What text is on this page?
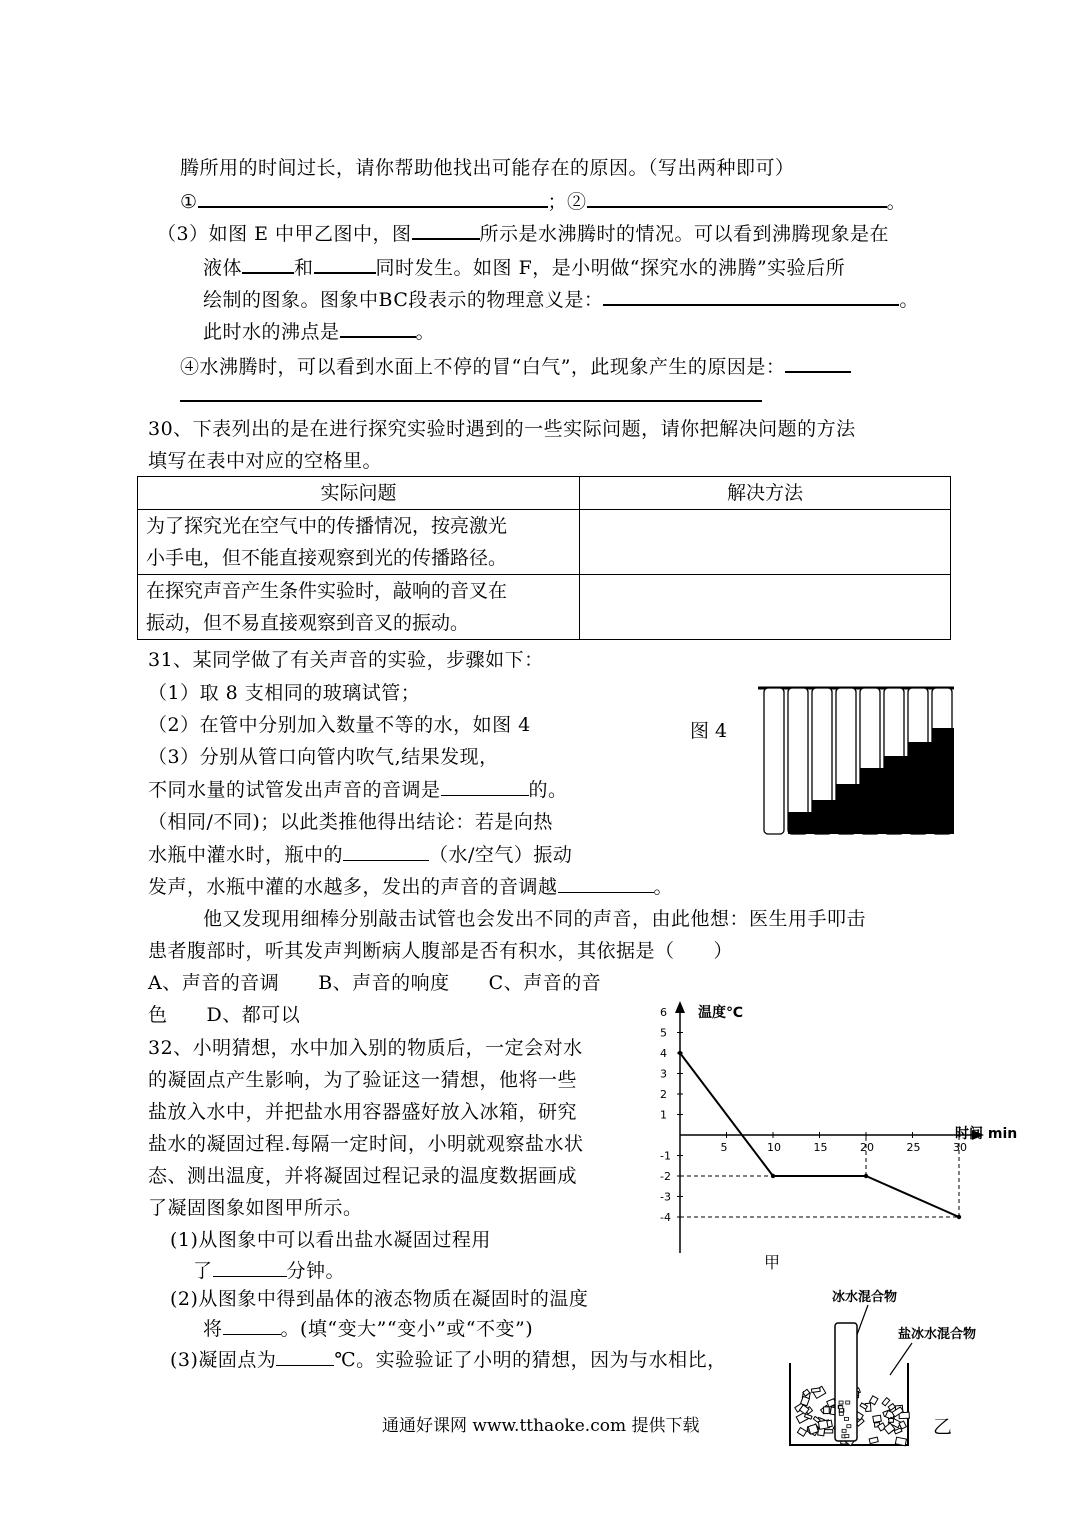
腾所用的时间过长，请你帮助他找出可能存在的原因。（写出两种即可）
①	；②	。
（3）如图 E 中甲乙图中，图	所示是水沸腾时的情况。可以看到沸腾现象是在
液体	和	同时发生。如图 F，是小明做“探究水的沸腾”实验后所
绘制的图象。图象中BC段表示的物理意义是：	。
此时水的沸点是	。
④水沸腾时，可以看到水面上不停的冒“白气”，此现象产生的原因是：
30、下表列出的是在进行探究实验时遇到的一些实际问题，请你把解决问题的方法
填写在表中对应的空格里。
实际问题	解决方法
为了探究光在空气中的传播情况，按亮激光
小手电，但不能直接观察到光的传播路径。	
在探究声音产生条件实验时，敲响的音叉在
振动，但不易直接观察到音叉的振动。	
31、某同学做了有关声音的实验，步骤如下：
（1）取 8 支相同的玻璃试管；
（2）在管中分别加入数量不等的水，如图 4
（3）分别从管口向管内吹气,结果发现，
不同水量的试管发出声音的音调是	的。
（相同/不同)；以此类推他得出结论：若是向热
水瓶中灌水时，瓶中的	（水/空气）振动
发声，水瓶中灌的水越多，发出的声音的音调越	。
他又发现用细棒分别敲击试管也会发出不同的声音，由此他想：医生用手叩击
患者腹部时，听其发声判断病人腹部是否有积水，其依据是（　　）
A、声音的音调　　B、声音的响度　　C、声音的音
色　　D、都可以
图 4
32、小明猜想，水中加入别的物质后，一定会对水
的凝固点产生影响，为了验证这一猜想，他将一些
盐放入水中，并把盐水用容器盛好放入冰箱，研究
盐水的凝固过程.每隔一定时间，小明就观察盐水状
态、测出温度，并将凝固过程记录的温度数据画成
了凝固图象如图甲所示。
(1)从图象中可以看出盐水凝固过程用
了	分钟。
(2)从图象中得到晶体的液态物质在凝固时的温度
将	。(填“变大”“变小”或“不变”)
(3)凝固点为	℃。实验验证了小明的猜想，因为与水相比，
5	10	15	20	25	30
6
5
4
3
2
1
-1
-2
-3
-4
温度℃
时间 min
甲
冰水混合物
盐冰水混合物
乙
通通好课网 www.tthaoke.com 提供下载
